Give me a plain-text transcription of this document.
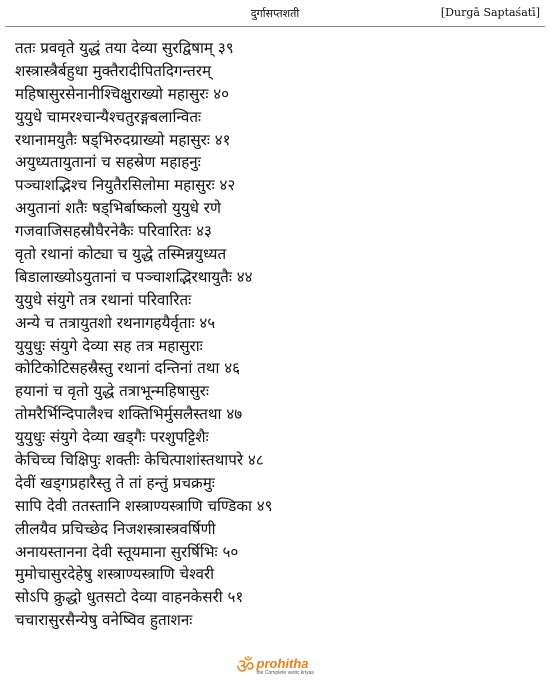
दुर्गासप्तशती	[Durgā Saptaśatī]
ततः प्रववृते युद्धं तया देव्या सुरद्विषाम् ३९
शस्त्रास्त्रैर्बहुधा मुक्तैरादीपितदिगन्तरम्
महिषासुरसेनानीश्चिक्षुराख्यो महासुरः ४०
युयुधे चामरश्चान्यैश्चतुरङ्गबलान्वितः
रथानामयुतैः षड्भिरुदग्राख्यो महासुरः ४१
अयुध्यतायुतानां च सहस्रेण महाहनुः
पञ्चाशद्भिश्च नियुतैरसिलोमा महासुरः ४२
अयुतानां शतैः षड्भिर्बाष्कलो युयुधे रणे
गजवाजिसहस्रौघैरनेकैः परिवारितः ४३
वृतो रथानां कोट्या च युद्धे तस्मिन्नयुध्यत
बिडालाख्योऽयुतानां च पञ्चाशद्भिरथायुतैः ४४
युयुधे संयुगे तत्र रथानां परिवारितः
अन्ये च तत्रायुतशो रथनागहयैर्वृताः ४५
युयुधुः संयुगे देव्या सह तत्र महासुराः
कोटिकोटिसहस्रैस्तु रथानां दन्तिनां तथा ४६
हयानां च वृतो युद्धे तत्राभून्महिषासुरः
तोमरैर्भिन्दिपालैश्च शक्तिभिर्मुसलैस्तथा ४७
युयुधुः संयुगे देव्या खड्गैः परशुपट्टिशैः
केचिच्च चिक्षिपुः शक्तीः केचित्पाशांस्तथापरे ४८
देवीं खड्गप्रहारैस्तु ते तां हन्तुं प्रचक्रमुः
सापि देवी ततस्तानि शस्त्राण्यस्त्राणि चण्डिका ४९
लीलयैव प्रचिच्छेद निजशस्त्रास्त्रवर्षिणी
अनायस्तानना देवी स्तूयमाना सुरर्षिभिः ५०
मुमोचासुरदेहेषु शस्त्राण्यस्त्राणि चेश्वरी
सोऽपि क्रुद्धो धुतसटो देव्या वाहनकेसरी ५१
चचारासुरसैन्येषु वनेष्विव हुताशनः
ॐ prohitha
the Complete vedic kriyas
